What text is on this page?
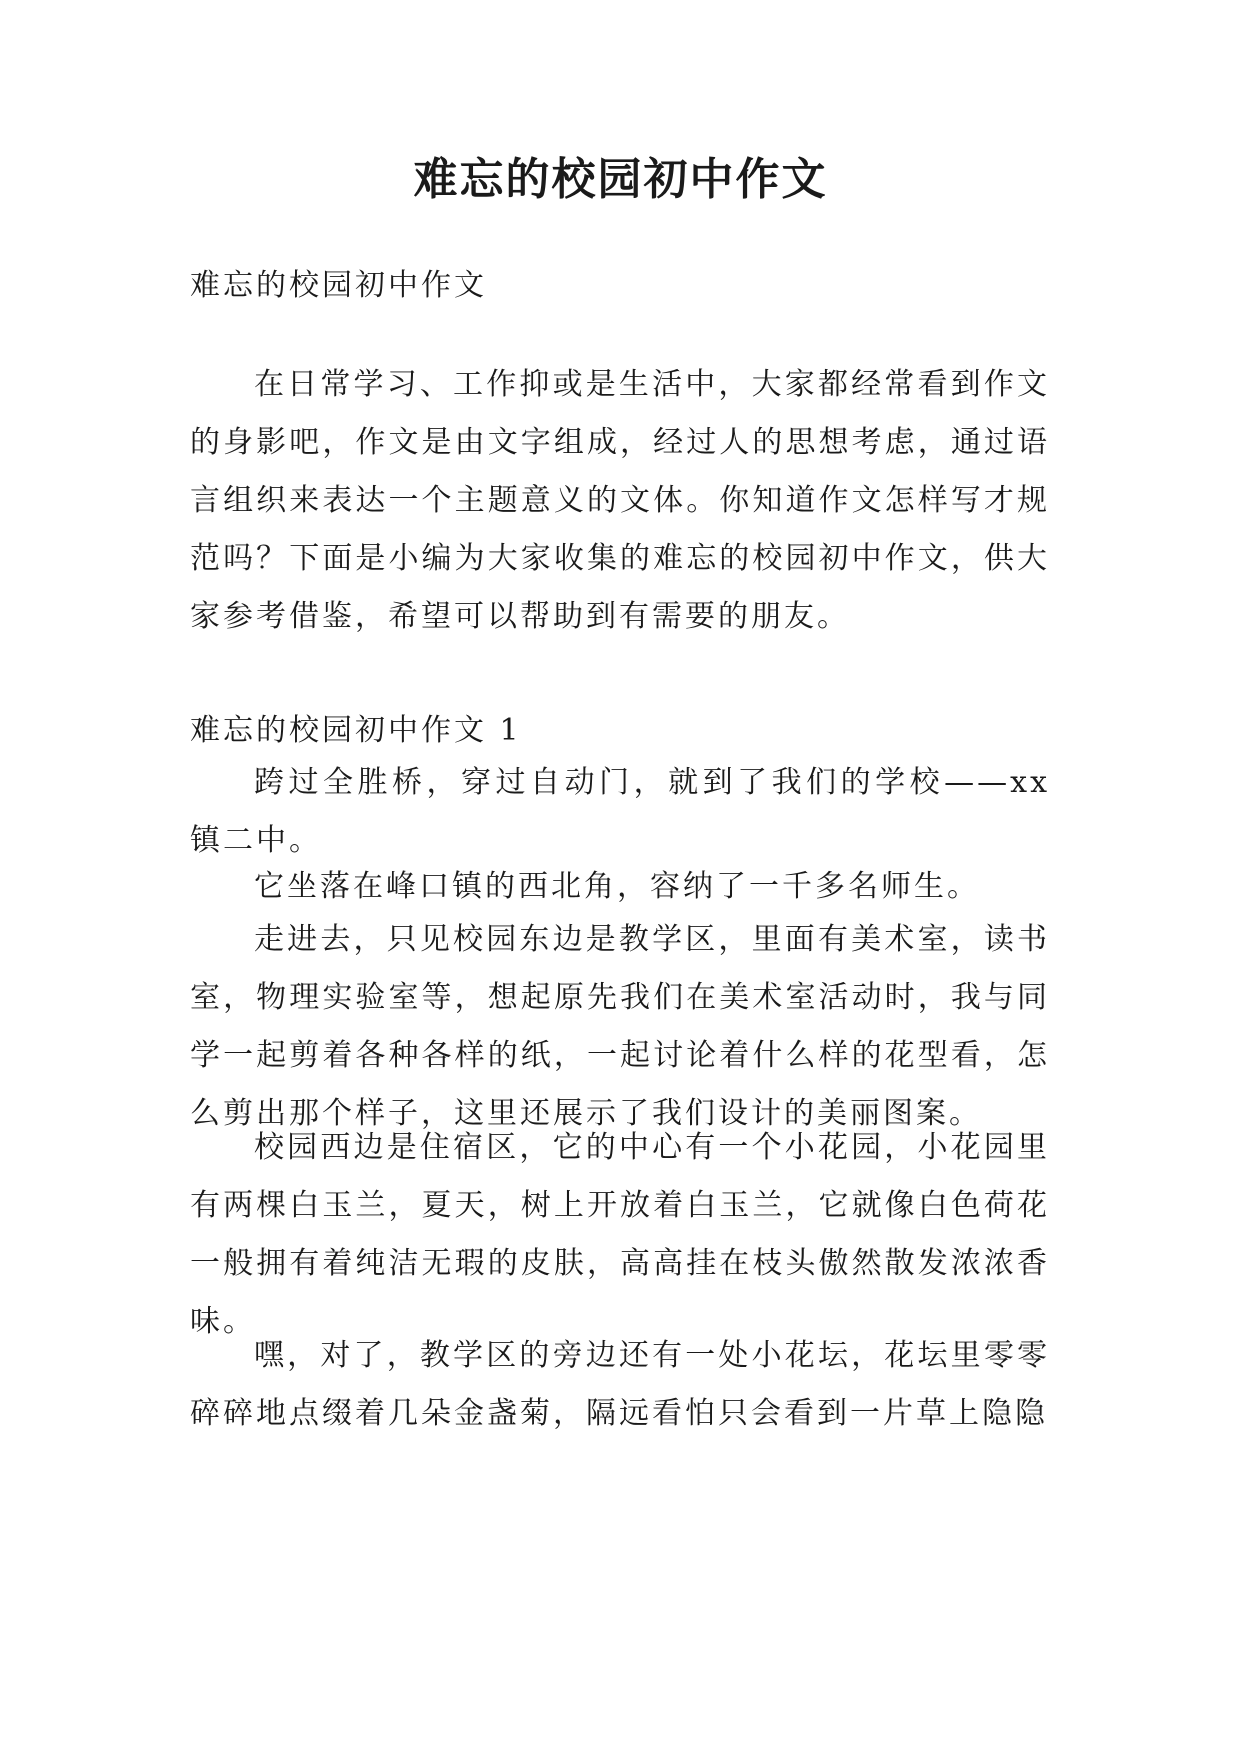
难忘的校园初中作文

难忘的校园初中作文

在日常学习、工作抑或是生活中，大家都经常看到作文的身影吧，作文是由文字组成，经过人的思想考虑，通过语言组织来表达一个主题意义的文体。你知道作文怎样写才规范吗？下面是小编为大家收集的难忘的校园初中作文，供大家参考借鉴，希望可以帮助到有需要的朋友。

难忘的校园初中作文 1

跨过全胜桥，穿过自动门，就到了我们的学校——xx 镇二中。

它坐落在峰口镇的西北角，容纳了一千多名师生。

走进去，只见校园东边是教学区，里面有美术室，读书室，物理实验室等，想起原先我们在美术室活动时，我与同学一起剪着各种各样的纸，一起讨论着什么样的花型看，怎么剪出那个样子，这里还展示了我们设计的美丽图案。

校园西边是住宿区，它的中心有一个小花园，小花园里有两棵白玉兰，夏天，树上开放着白玉兰，它就像白色荷花一般拥有着纯洁无瑕的皮肤，高高挂在枝头傲然散发浓浓香味。

嘿，对了，教学区的旁边还有一处小花坛，花坛里零零碎碎地点缀着几朵金盏菊，隔远看怕只会看到一片草上隐隐
